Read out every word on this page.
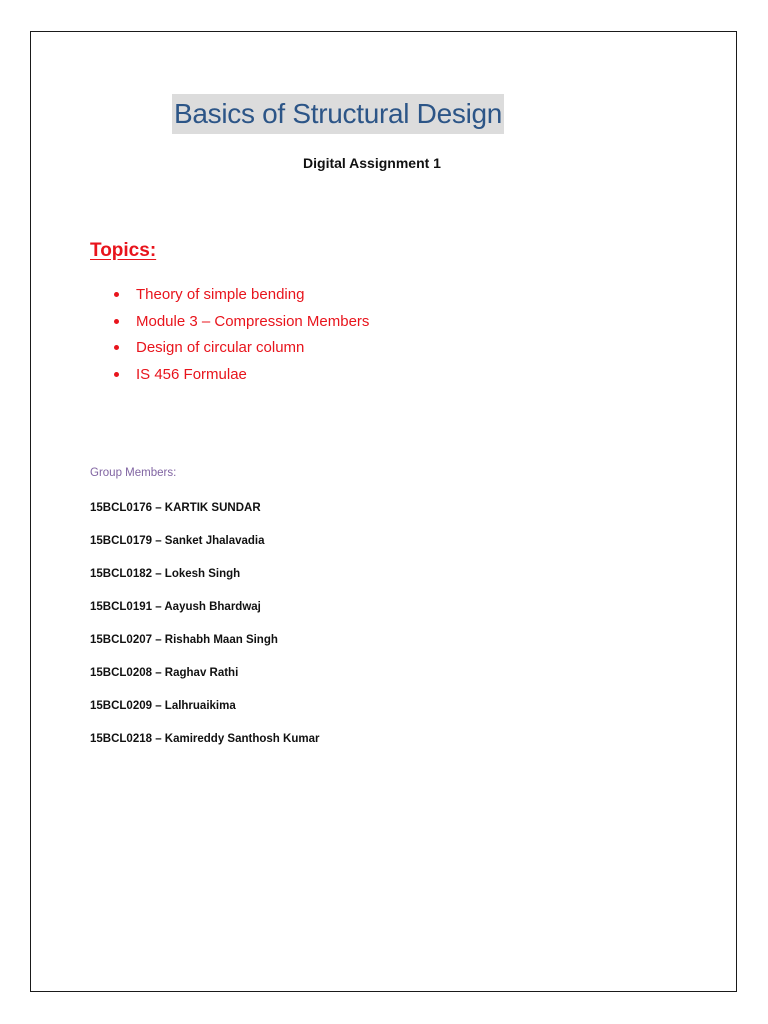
Basics of Structural Design
Digital Assignment 1
Topics:
Theory of simple bending
Module 3 – Compression Members
Design of circular column
IS 456 Formulae
Group Members:
15BCL0176 – KARTIK SUNDAR
15BCL0179 – Sanket Jhalavadia
15BCL0182 – Lokesh Singh
15BCL0191 – Aayush Bhardwaj
15BCL0207 – Rishabh Maan Singh
15BCL0208 – Raghav Rathi
15BCL0209 – Lalhruaikima
15BCL0218 – Kamireddy Santhosh Kumar
